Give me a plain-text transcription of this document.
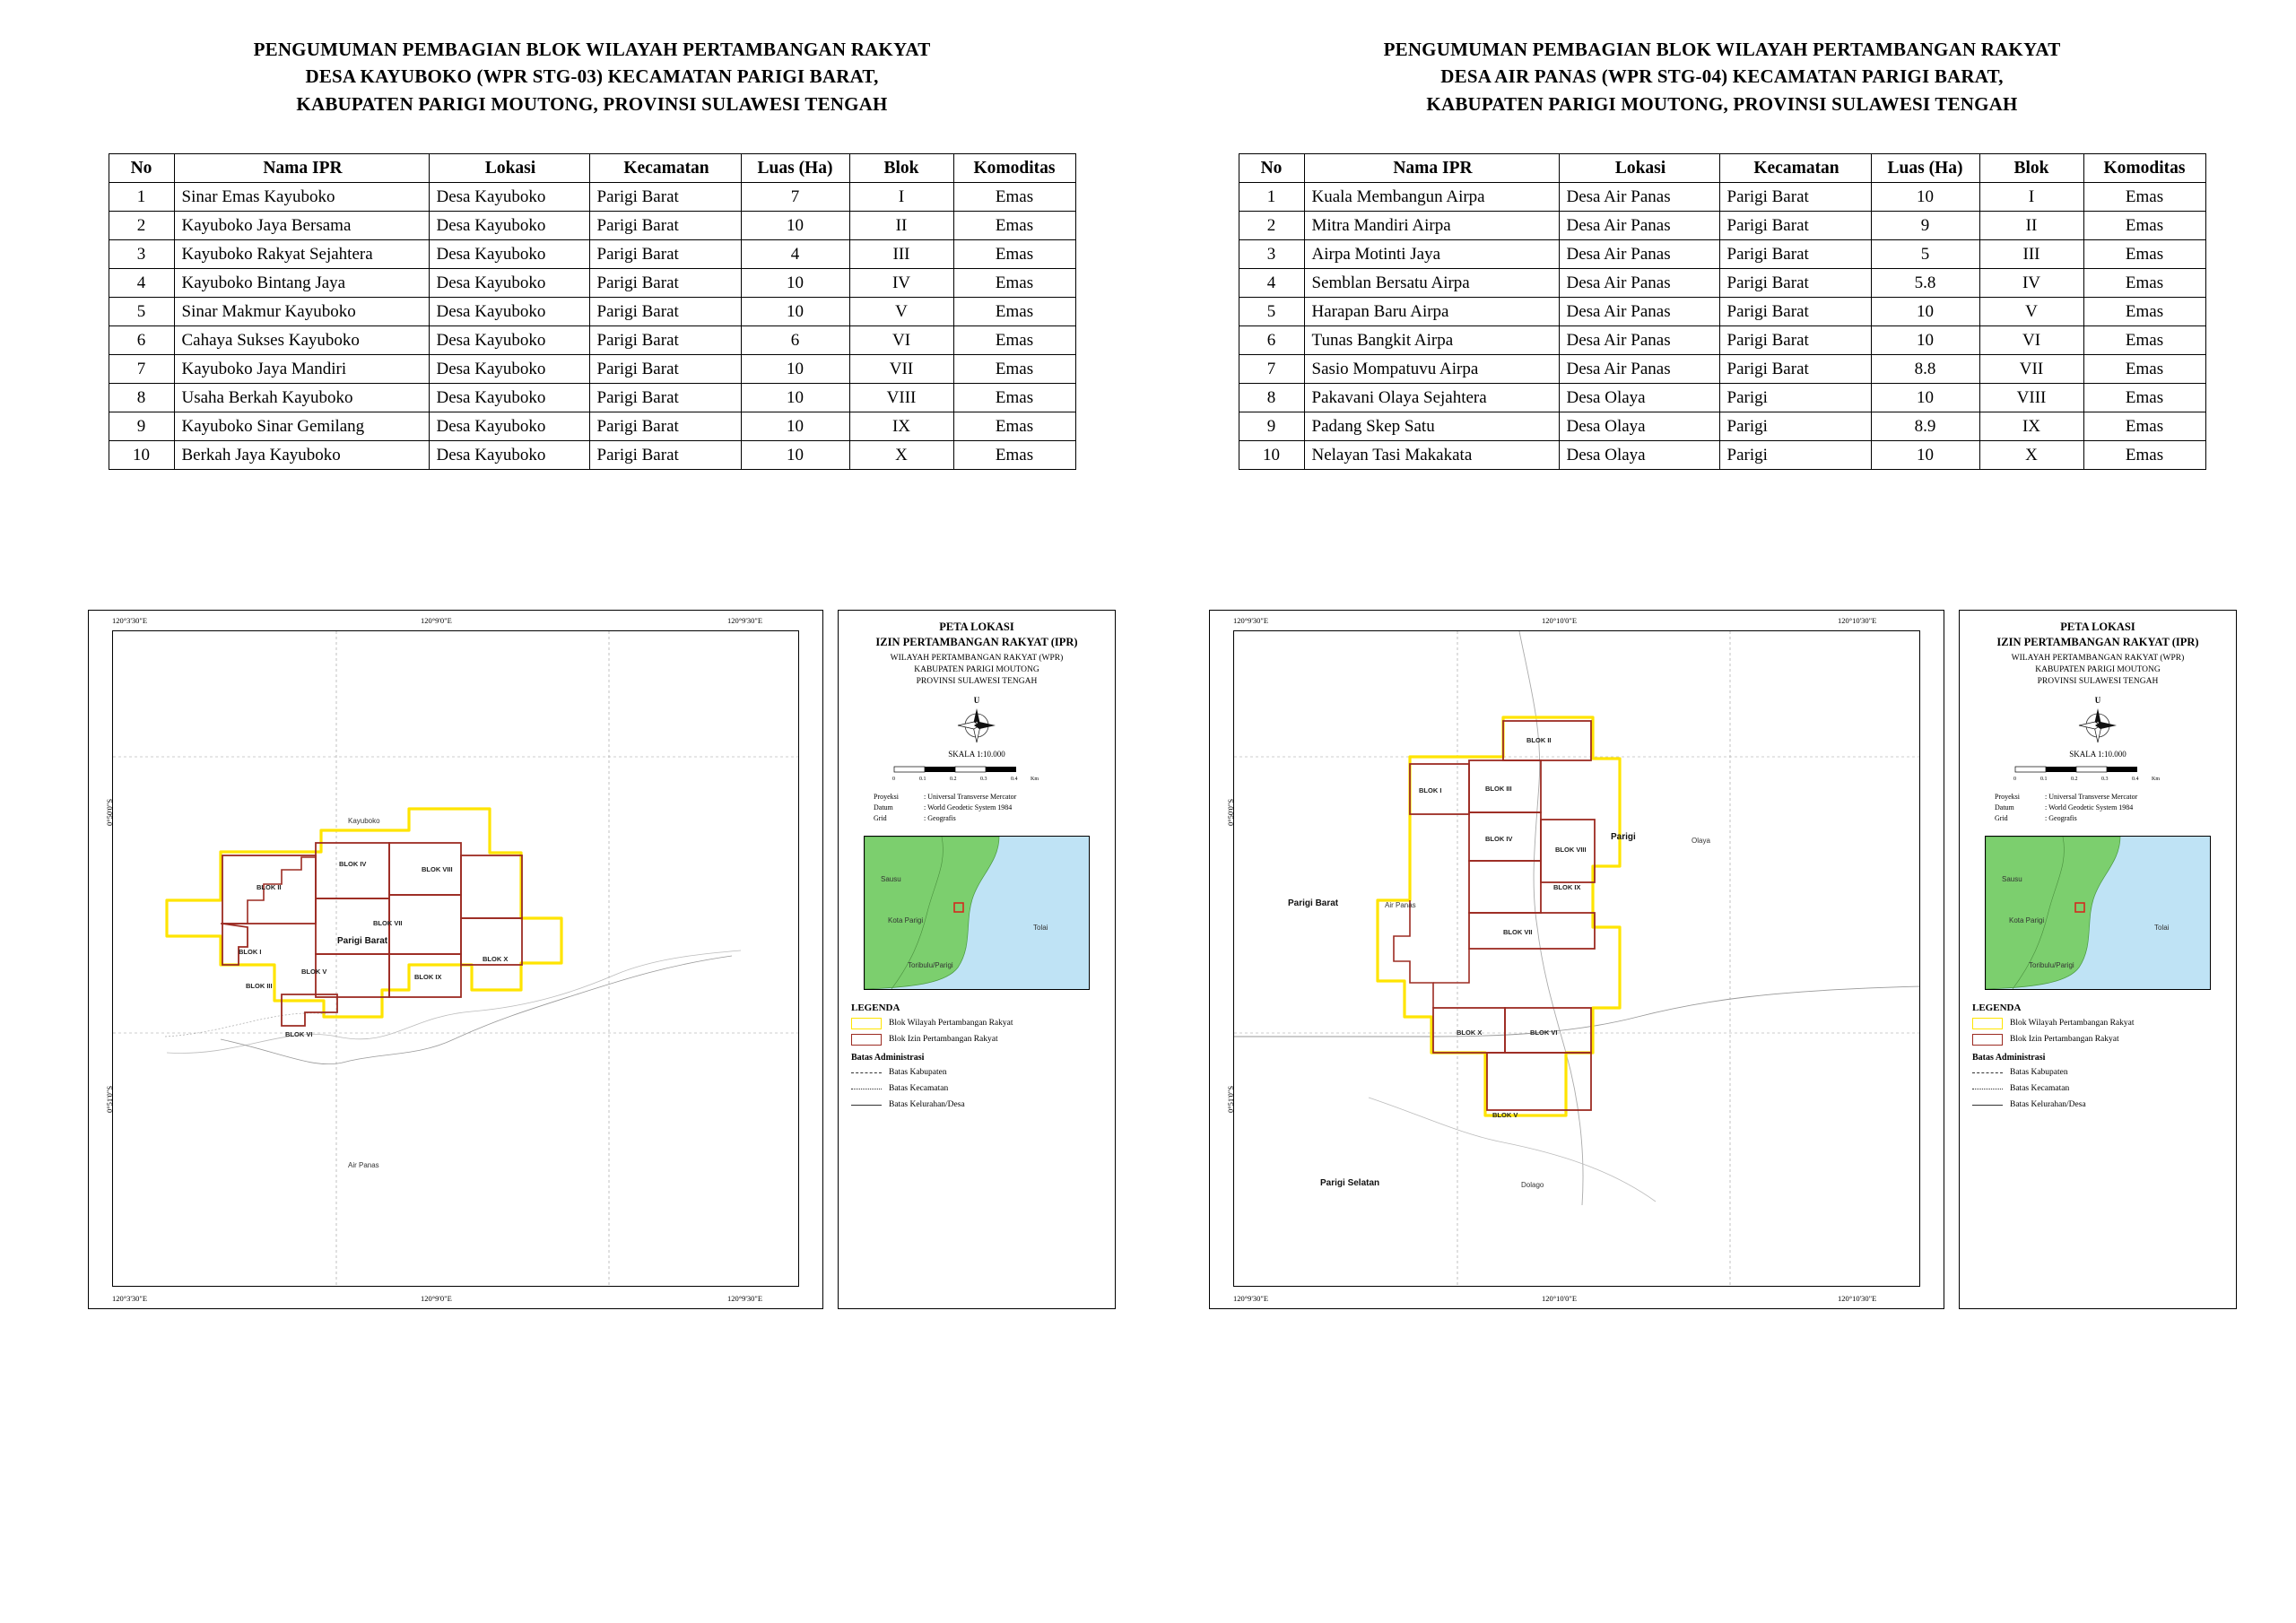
PENGUMUMAN PEMBAGIAN BLOK WILAYAH PERTAMBANGAN RAKYAT
DESA KAYUBOKO (WPR STG-03) KECAMATAN PARIGI BARAT,
KABUPATEN PARIGI MOUTONG, PROVINSI SULAWESI TENGAH
No	Nama IPR	Lokasi	Kecamatan	Luas (Ha)	Blok	Komoditas
1	Sinar Emas Kayuboko	Desa Kayuboko	Parigi Barat	7	I	Emas
2	Kayuboko Jaya Bersama	Desa Kayuboko	Parigi Barat	10	II	Emas
3	Kayuboko Rakyat Sejahtera	Desa Kayuboko	Parigi Barat	4	III	Emas
4	Kayuboko Bintang Jaya	Desa Kayuboko	Parigi Barat	10	IV	Emas
5	Sinar Makmur Kayuboko	Desa Kayuboko	Parigi Barat	10	V	Emas
6	Cahaya Sukses Kayuboko	Desa Kayuboko	Parigi Barat	6	VI	Emas
7	Kayuboko Jaya Mandiri	Desa Kayuboko	Parigi Barat	10	VII	Emas
8	Usaha Berkah Kayuboko	Desa Kayuboko	Parigi Barat	10	VIII	Emas
9	Kayuboko Sinar Gemilang	Desa Kayuboko	Parigi Barat	10	IX	Emas
10	Berkah Jaya Kayuboko	Desa Kayuboko	Parigi Barat	10	X	Emas
120°3'30"E	120°9'0"E	120°9'30"E
120°3'30"E	120°9'0"E	120°9'30"E
0°50'0"S
0°51'0"S
Kayuboko
Parigi Barat
Air Panas
BLOK I
BLOK II
BLOK III
BLOK IV
BLOK V
BLOK VI
BLOK VII
BLOK VIII
BLOK IX
BLOK X
PETA LOKASI
IZIN PERTAMBANGAN RAKYAT (IPR)
WILAYAH PERTAMBANGAN RAKYAT (WPR)
KABUPATEN PARIGI MOUTONG
PROVINSI SULAWESI TENGAH
U
SKALA 1:10.000
0	0.1	0.2	0.3	0.4 Km
Proyeksi	: Universal Transverse Mercator
Datum	: World Geodetic System 1984
Grid	: Geografis
Sausu
Kota Parigi
Tolai
Toribulu/Parigi
LEGENDA
Blok Wilayah Pertambangan Rakyat
Blok Izin Pertambangan Rakyat
Batas Administrasi
Batas Kabupaten
Batas Kecamatan
Batas Kelurahan/Desa
PENGUMUMAN PEMBAGIAN BLOK WILAYAH PERTAMBANGAN RAKYAT
DESA AIR PANAS (WPR STG-04) KECAMATAN PARIGI BARAT,
KABUPATEN PARIGI MOUTONG, PROVINSI SULAWESI TENGAH
No	Nama IPR	Lokasi	Kecamatan	Luas (Ha)	Blok	Komoditas
1	Kuala Membangun Airpa	Desa Air Panas	Parigi Barat	10	I	Emas
2	Mitra Mandiri Airpa	Desa Air Panas	Parigi Barat	9	II	Emas
3	Airpa Motinti Jaya	Desa Air Panas	Parigi Barat	5	III	Emas
4	Semblan Bersatu Airpa	Desa Air Panas	Parigi Barat	5.8	IV	Emas
5	Harapan Baru Airpa	Desa Air Panas	Parigi Barat	10	V	Emas
6	Tunas Bangkit Airpa	Desa Air Panas	Parigi Barat	10	VI	Emas
7	Sasio Mompatuvu Airpa	Desa Air Panas	Parigi Barat	8.8	VII	Emas
8	Pakavani Olaya Sejahtera	Desa Olaya	Parigi	10	VIII	Emas
9	Padang Skep Satu	Desa Olaya	Parigi	8.9	IX	Emas
10	Nelayan Tasi Makakata	Desa Olaya	Parigi	10	X	Emas
120°9'30"E	120°10'0"E	120°10'30"E
120°9'30"E	120°10'0"E	120°10'30"E
0°50'0"S
0°51'0"S
Parigi Barat	Air Panas
Parigi	Olaya
Parigi Selatan	Dolago
BLOK I
BLOK II
BLOK III
BLOK IV
BLOK V
BLOK VI
BLOK VII
BLOK VIII
BLOK IX
BLOK X
PETA LOKASI
IZIN PERTAMBANGAN RAKYAT (IPR)
WILAYAH PERTAMBANGAN RAKYAT (WPR)
KABUPATEN PARIGI MOUTONG
PROVINSI SULAWESI TENGAH
U
SKALA 1:10.000
0	0.1	0.2	0.3	0.4 Km
Proyeksi	: Universal Transverse Mercator
Datum	: World Geodetic System 1984
Grid	: Geografis
Sausu
Kota Parigi
Tolai
Toribulu/Parigi
LEGENDA
Blok Wilayah Pertambangan Rakyat
Blok Izin Pertambangan Rakyat
Batas Administrasi
Batas Kabupaten
Batas Kecamatan
Batas Kelurahan/Desa
